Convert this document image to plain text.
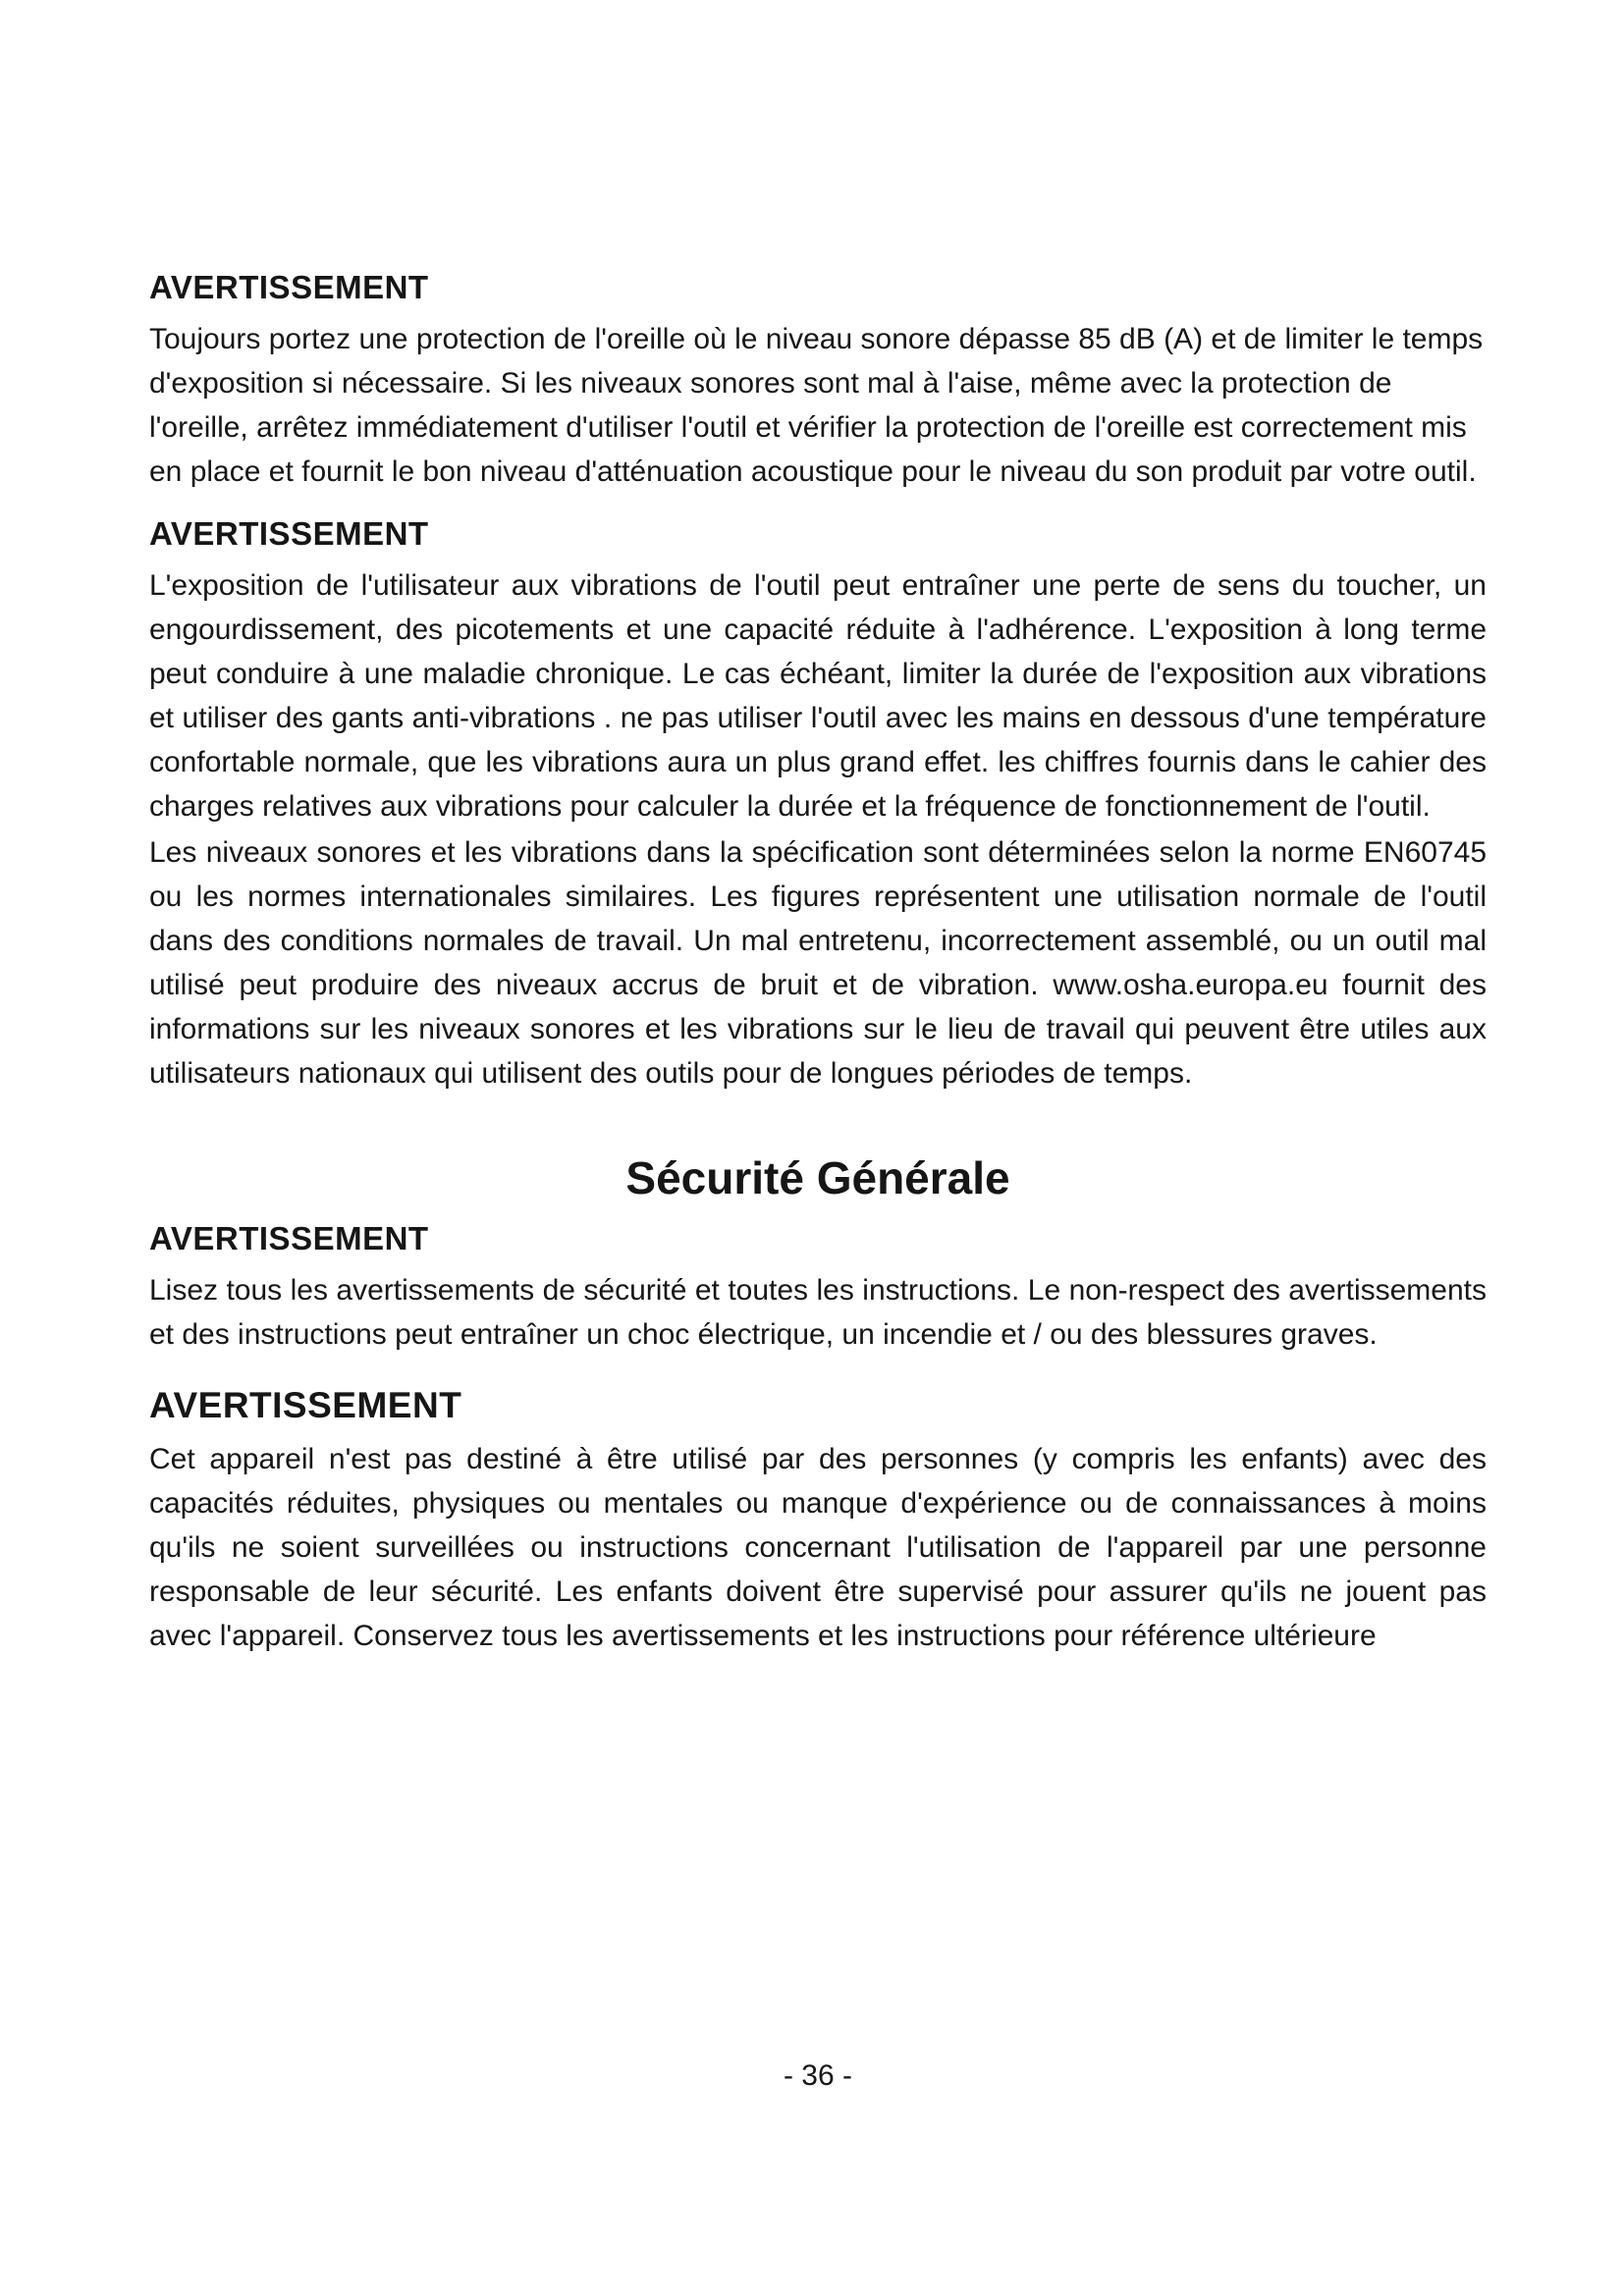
AVERTISSEMENT

Toujours portez une protection de l'oreille où le niveau sonore dépasse 85 dB (A) et de limiter le temps d'exposition si nécessaire. Si les niveaux sonores sont mal à l'aise, même avec la protection de l'oreille, arrêtez immédiatement d'utiliser l'outil et vérifier la protection de l'oreille est correctement mis en place et fournit le bon niveau d'atténuation acoustique pour le niveau du son produit par votre outil.

AVERTISSEMENT

L'exposition de l'utilisateur aux vibrations de l'outil peut entraîner une perte de sens du toucher, un engourdissement, des picotements et une capacité réduite à l'adhérence. L'exposition à long terme peut conduire à une maladie chronique. Le cas échéant, limiter la durée de l'exposition aux vibrations et utiliser des gants anti-vibrations . ne pas utiliser l'outil avec les mains en dessous d'une température confortable normale, que les vibrations aura un plus grand effet. les chiffres fournis dans le cahier des charges relatives aux vibrations pour calculer la durée et la fréquence de fonctionnement de l'outil.

Les niveaux sonores et les vibrations dans la spécification sont déterminées selon la norme EN60745 ou les normes internationales similaires. Les figures représentent une utilisation normale de l'outil dans des conditions normales de travail. Un mal entretenu, incorrectement assemblé, ou un outil mal utilisé peut produire des niveaux accrus de bruit et de vibration. www.osha.europa.eu fournit des informations sur les niveaux sonores et les vibrations sur le lieu de travail qui peuvent être utiles aux utilisateurs nationaux qui utilisent des outils pour de longues périodes de temps.

Sécurité Générale
AVERTISSEMENT

Lisez tous les avertissements de sécurité et toutes les instructions. Le non-respect des avertissements et des instructions peut entraîner un choc électrique, un incendie et / ou des blessures graves.

AVERTISSEMENT

Cet appareil n'est pas destiné à être utilisé par des personnes (y compris les enfants) avec des capacités réduites, physiques ou mentales ou manque d'expérience ou de connaissances à moins qu'ils ne soient surveillées ou instructions concernant l'utilisation de l'appareil par une personne responsable de leur sécurité. Les enfants doivent être supervisé pour assurer qu'ils ne jouent pas avec l'appareil. Conservez tous les avertissements et les instructions pour référence ultérieure

- 36 -
